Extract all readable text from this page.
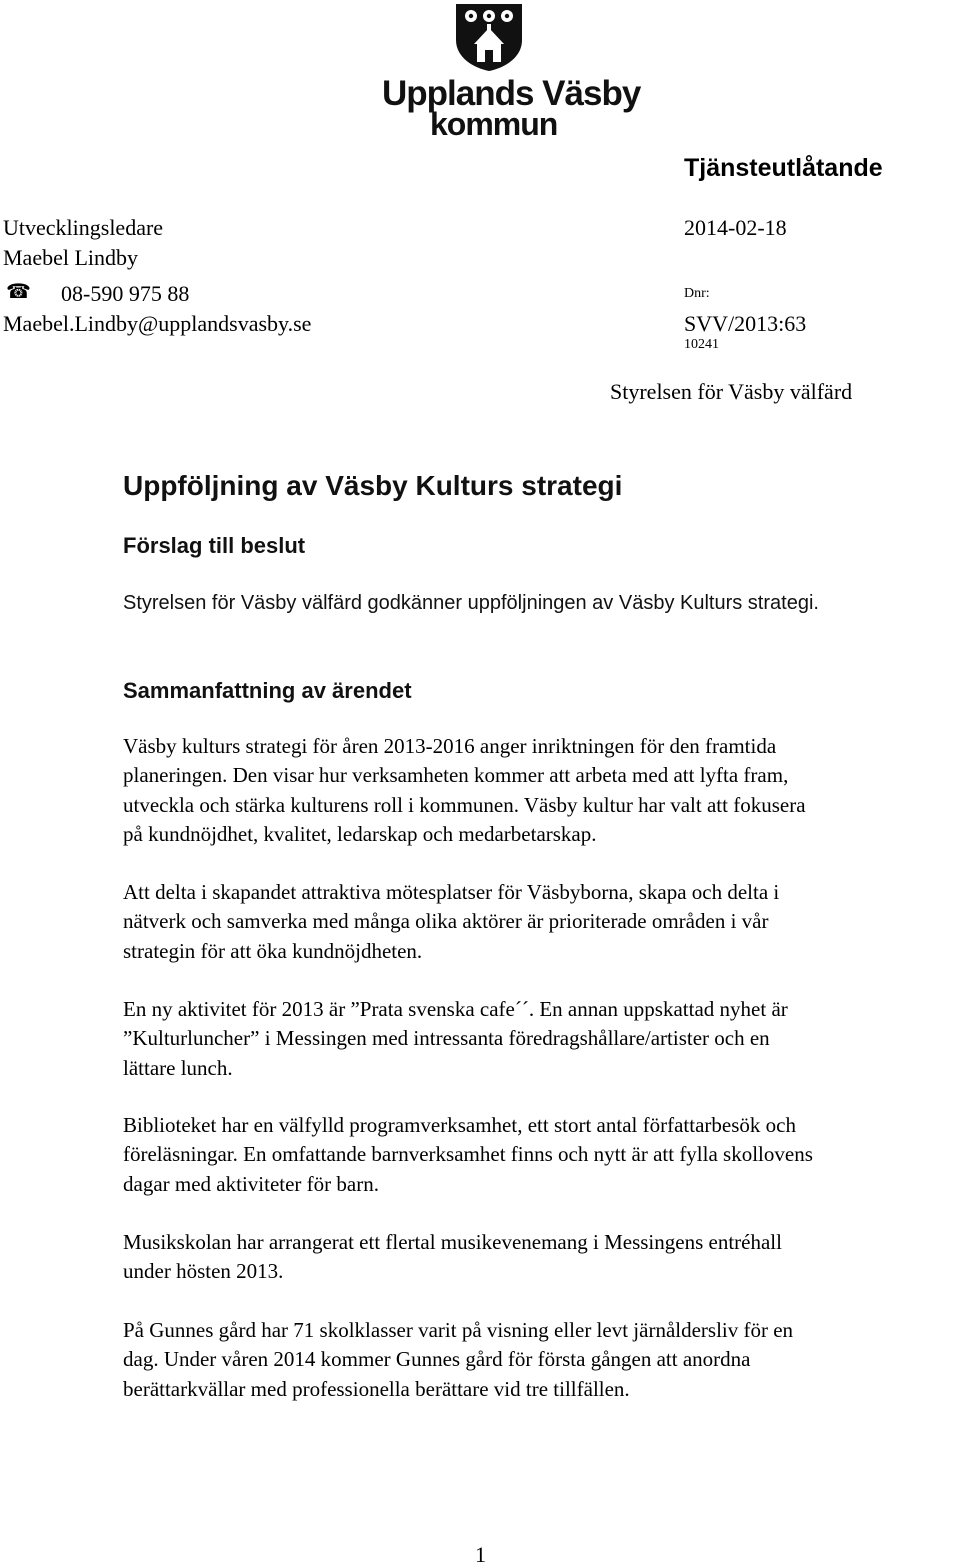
Upplands Väsby
kommun
Tjänsteutlåtande
Utvecklingsledare	2014-02-18
Maebel Lindby
☎ 08-590 975 88	Dnr:
Maebel.Lindby@upplandsvasby.se	SVV/2013:63
10241
Styrelsen för Väsby välfärd
Uppföljning av Väsby Kulturs strategi
Förslag till beslut
Styrelsen för Väsby välfärd godkänner uppföljningen av Väsby Kulturs strategi.
Sammanfattning av ärendet
Väsby kulturs strategi för åren 2013-2016 anger inriktningen för den framtida
planeringen. Den visar hur verksamheten kommer att arbeta med att lyfta fram,
utveckla och stärka kulturens roll i kommunen. Väsby kultur har valt att fokusera
på kundnöjdhet, kvalitet, ledarskap och medarbetarskap.
Att delta i skapandet attraktiva mötesplatser för Väsbyborna, skapa och delta i
nätverk och samverka med många olika aktörer är prioriterade områden i vår
strategin för att öka kundnöjdheten.
En ny aktivitet för 2013 är ”Prata svenska cafe´´. En annan uppskattad nyhet är
”Kulturluncher” i Messingen med intressanta föredragshållare/artister och en
lättare lunch.
Biblioteket har en välfylld programverksamhet, ett stort antal författarbesök och
föreläsningar. En omfattande barnverksamhet finns och nytt är att fylla skollovens
dagar med aktiviteter för barn.
Musikskolan har arrangerat ett flertal musikevenemang i Messingens entréhall
under hösten 2013.
På Gunnes gård har 71 skolklasser varit på visning eller levt järnåldersliv för en
dag. Under våren 2014 kommer Gunnes gård för första gången att anordna
berättarkvällar med professionella berättare vid tre tillfällen.
1
